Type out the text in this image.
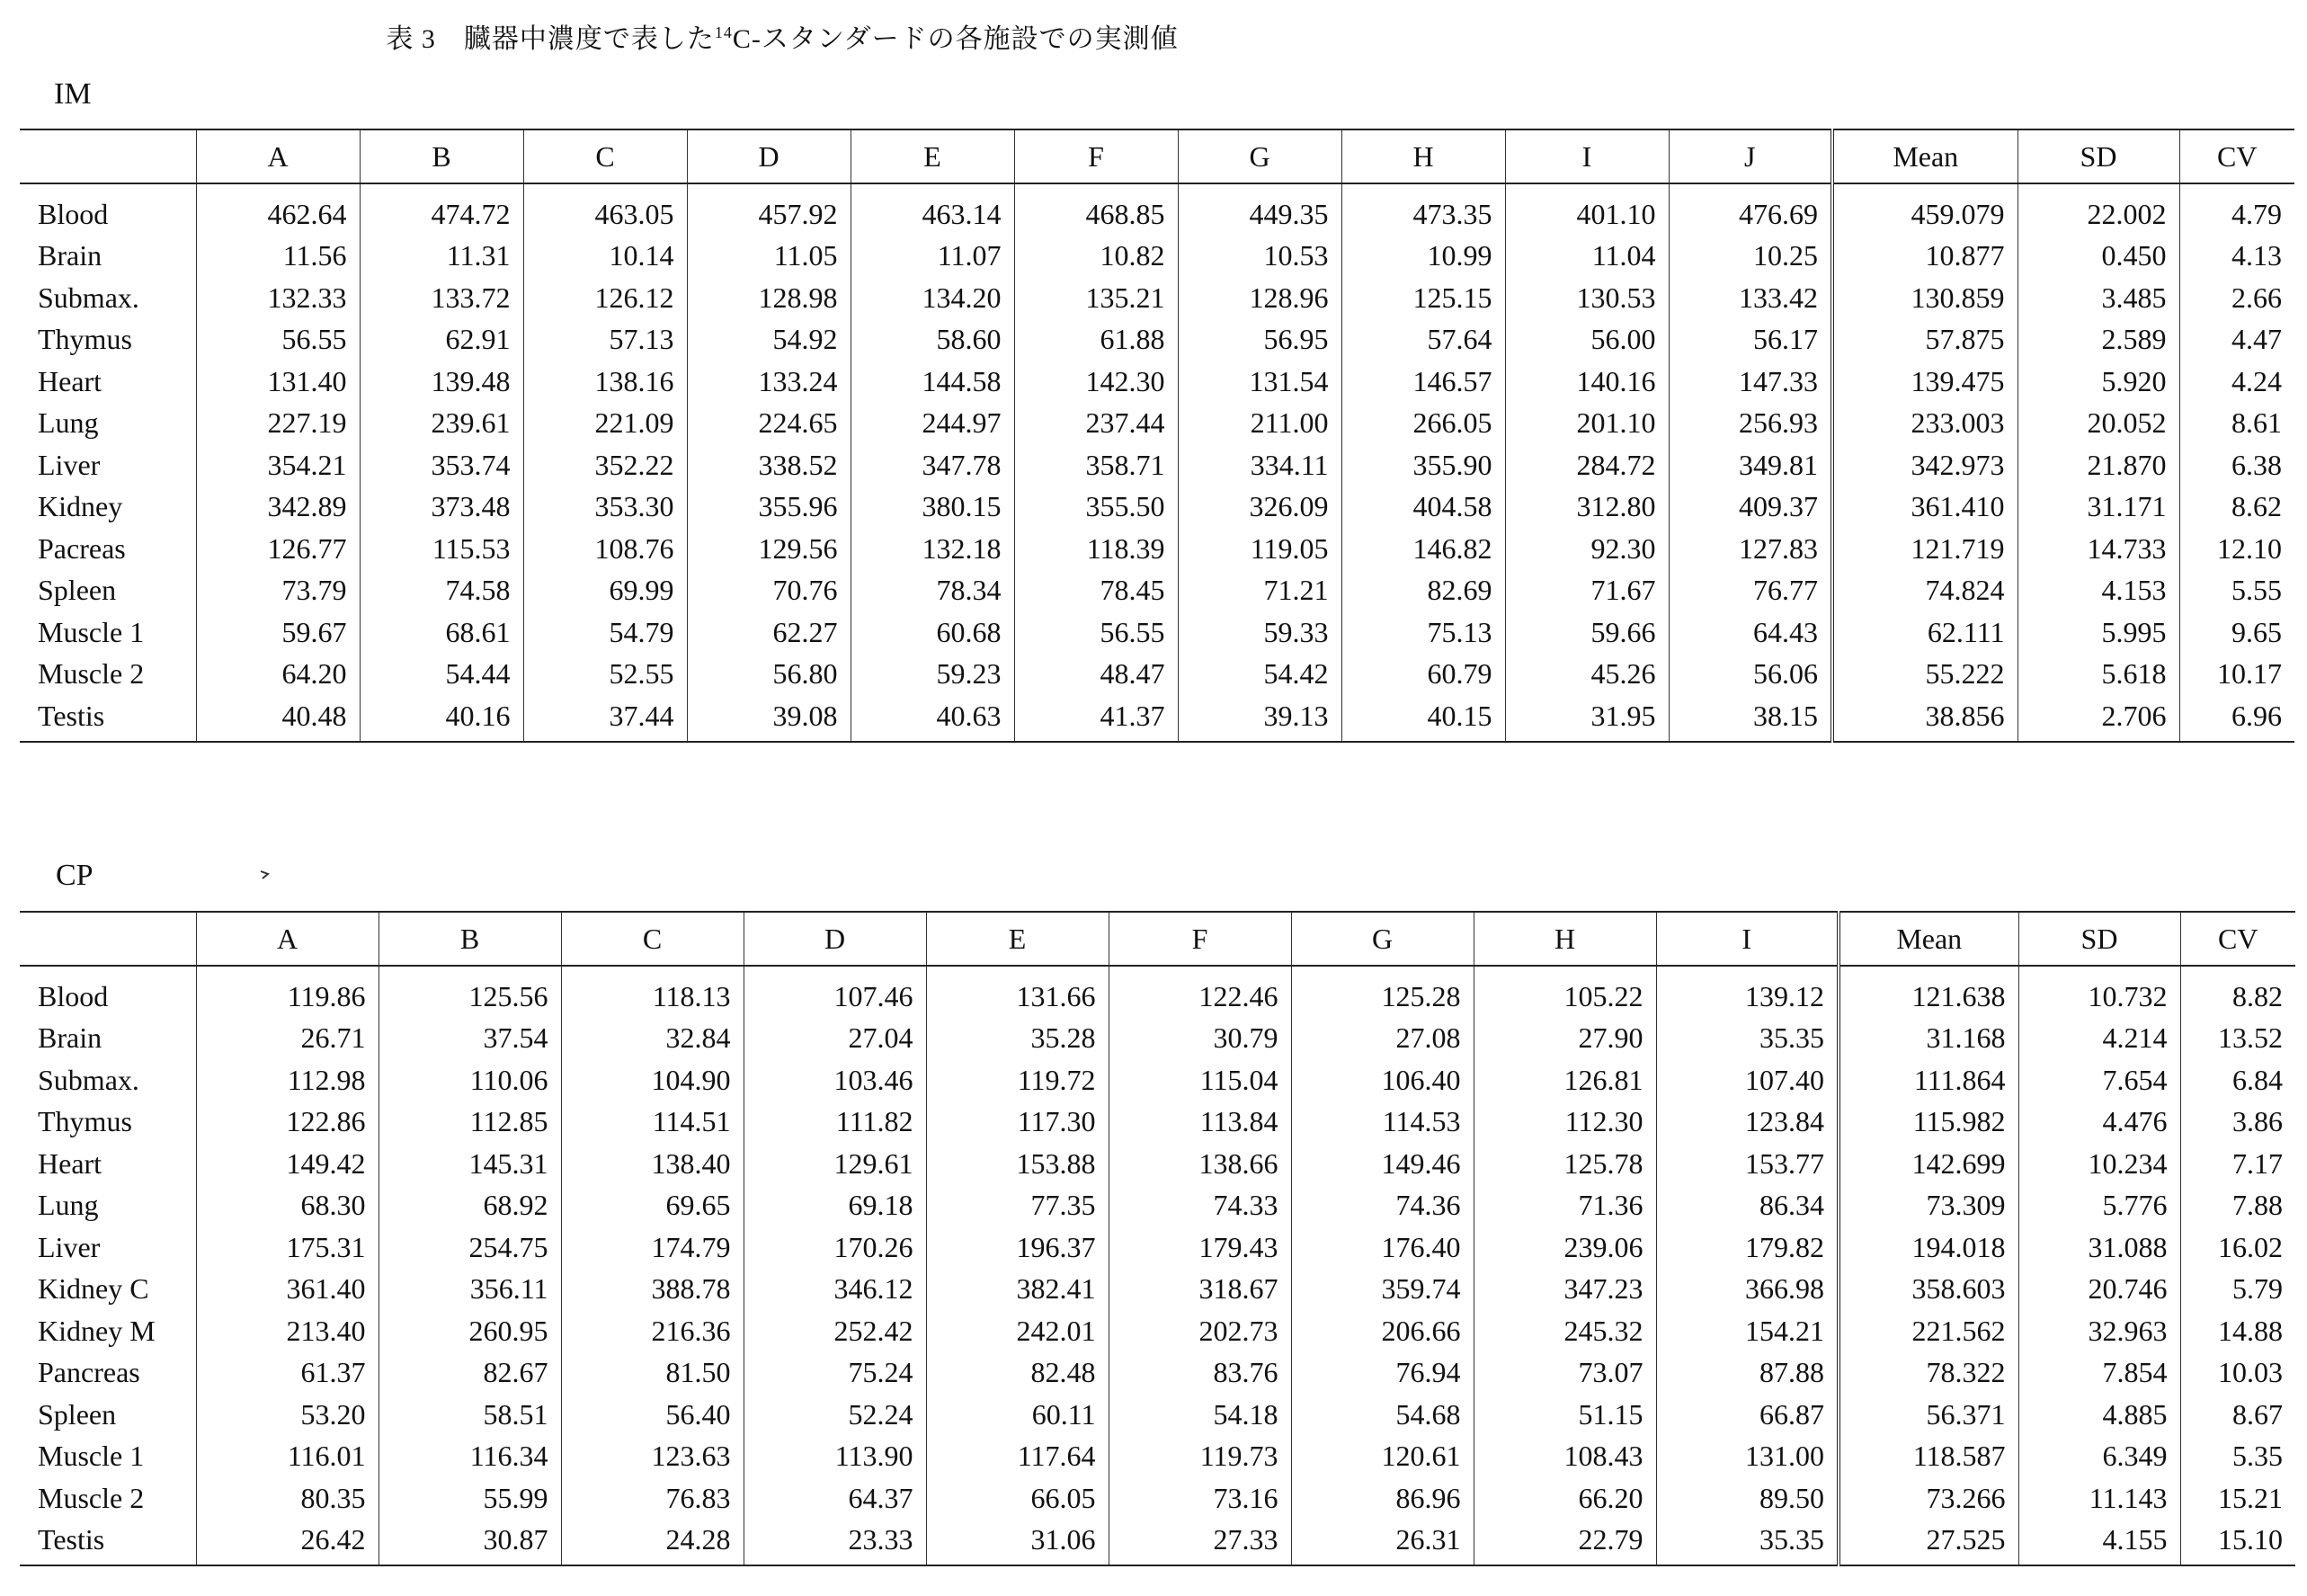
表 3　臓器中濃度で表した$^{14}$C-スタンダードの各施設での実測値
IM
	A	B	C	D	E	F	G	H	I	J	Mean	SD	CV
Blood	462.64	474.72	463.05	457.92	463.14	468.85	449.35	473.35	401.10	476.69	459.079	22.002	4.79
Brain	11.56	11.31	10.14	11.05	11.07	10.82	10.53	10.99	11.04	10.25	10.877	0.450	4.13
Submax.	132.33	133.72	126.12	128.98	134.20	135.21	128.96	125.15	130.53	133.42	130.859	3.485	2.66
Thymus	56.55	62.91	57.13	54.92	58.60	61.88	56.95	57.64	56.00	56.17	57.875	2.589	4.47
Heart	131.40	139.48	138.16	133.24	144.58	142.30	131.54	146.57	140.16	147.33	139.475	5.920	4.24
Lung	227.19	239.61	221.09	224.65	244.97	237.44	211.00	266.05	201.10	256.93	233.003	20.052	8.61
Liver	354.21	353.74	352.22	338.52	347.78	358.71	334.11	355.90	284.72	349.81	342.973	21.870	6.38
Kidney	342.89	373.48	353.30	355.96	380.15	355.50	326.09	404.58	312.80	409.37	361.410	31.171	8.62
Pacreas	126.77	115.53	108.76	129.56	132.18	118.39	119.05	146.82	92.30	127.83	121.719	14.733	12.10
Spleen	73.79	74.58	69.99	70.76	78.34	78.45	71.21	82.69	71.67	76.77	74.824	4.153	5.55
Muscle 1	59.67	68.61	54.79	62.27	60.68	56.55	59.33	75.13	59.66	64.43	62.111	5.995	9.65
Muscle 2	64.20	54.44	52.55	56.80	59.23	48.47	54.42	60.79	45.26	56.06	55.222	5.618	10.17
Testis	40.48	40.16	37.44	39.08	40.63	41.37	39.13	40.15	31.95	38.15	38.856	2.706	6.96
CP
	A	B	C	D	E	F	G	H	I	Mean	SD	CV
Blood	119.86	125.56	118.13	107.46	131.66	122.46	125.28	105.22	139.12	121.638	10.732	8.82
Brain	26.71	37.54	32.84	27.04	35.28	30.79	27.08	27.90	35.35	31.168	4.214	13.52
Submax.	112.98	110.06	104.90	103.46	119.72	115.04	106.40	126.81	107.40	111.864	7.654	6.84
Thymus	122.86	112.85	114.51	111.82	117.30	113.84	114.53	112.30	123.84	115.982	4.476	3.86
Heart	149.42	145.31	138.40	129.61	153.88	138.66	149.46	125.78	153.77	142.699	10.234	7.17
Lung	68.30	68.92	69.65	69.18	77.35	74.33	74.36	71.36	86.34	73.309	5.776	7.88
Liver	175.31	254.75	174.79	170.26	196.37	179.43	176.40	239.06	179.82	194.018	31.088	16.02
Kidney C	361.40	356.11	388.78	346.12	382.41	318.67	359.74	347.23	366.98	358.603	20.746	5.79
Kidney M	213.40	260.95	216.36	252.42	242.01	202.73	206.66	245.32	154.21	221.562	32.963	14.88
Pancreas	61.37	82.67	81.50	75.24	82.48	83.76	76.94	73.07	87.88	78.322	7.854	10.03
Spleen	53.20	58.51	56.40	52.24	60.11	54.18	54.68	51.15	66.87	56.371	4.885	8.67
Muscle 1	116.01	116.34	123.63	113.90	117.64	119.73	120.61	108.43	131.00	118.587	6.349	5.35
Muscle 2	80.35	55.99	76.83	64.37	66.05	73.16	86.96	66.20	89.50	73.266	11.143	15.21
Testis	26.42	30.87	24.28	23.33	31.06	27.33	26.31	22.79	35.35	27.525	4.155	15.10
